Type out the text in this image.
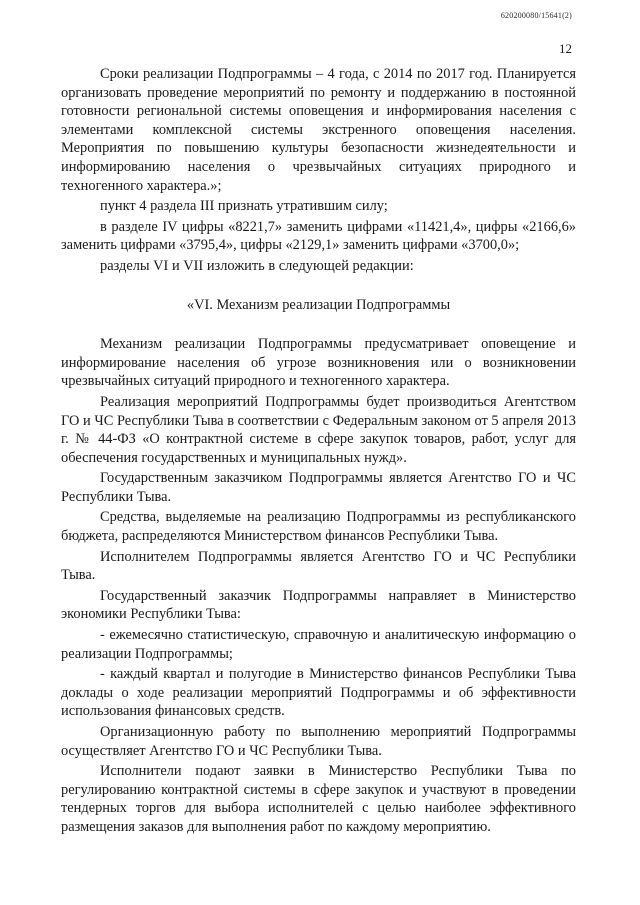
620200080/15641(2)
12

Сроки реализации Подпрограммы – 4 года, с 2014 по 2017 год. Планируется организовать проведение мероприятий по ремонту и поддержанию в постоянной готовности региональной системы оповещения и информирования населения с элементами комплексной системы экстренного оповещения населения. Мероприятия по повышению культуры безопасности жизнедеятельности и информированию населения о чрезвычайных ситуациях природного и техногенного характера.»;

пункт 4 раздела III признать утратившим силу;

в разделе IV цифры «8221,7» заменить цифрами «11421,4», цифры «2166,6» заменить цифрами «3795,4», цифры «2129,1» заменить цифрами «3700,0»;

разделы VI и VII изложить в следующей редакции:

«VI. Механизм реализации Подпрограммы

Механизм реализации Подпрограммы предусматривает оповещение и информирование населения об угрозе возникновения или о возникновении чрезвычайных ситуаций природного и техногенного характера.

Реализация мероприятий Подпрограммы будет производиться Агентством ГО и ЧС Республики Тыва в соответствии с Федеральным законом от 5 апреля 2013 г. № 44-ФЗ «О контрактной системе в сфере закупок товаров, работ, услуг для обеспечения государственных и муниципальных нужд».

Государственным заказчиком Подпрограммы является Агентство ГО и ЧС Республики Тыва.

Средства, выделяемые на реализацию Подпрограммы из республиканского бюджета, распределяются Министерством финансов Республики Тыва.

Исполнителем Подпрограммы является Агентство ГО и ЧС Республики Тыва.

Государственный заказчик Подпрограммы направляет в Министерство экономики Республики Тыва:

- ежемесячно статистическую, справочную и аналитическую информацию о реализации Подпрограммы;

- каждый квартал и полугодие в Министерство финансов Республики Тыва доклады о ходе реализации мероприятий Подпрограммы и об эффективности использования финансовых средств.

Организационную работу по выполнению мероприятий Подпрограммы осуществляет Агентство ГО и ЧС Республики Тыва.

Исполнители подают заявки в Министерство Республики Тыва по регулированию контрактной системы в сфере закупок и участвуют в проведении тендерных торгов для выбора исполнителей с целью наиболее эффективного размещения заказов для выполнения работ по каждому мероприятию.
